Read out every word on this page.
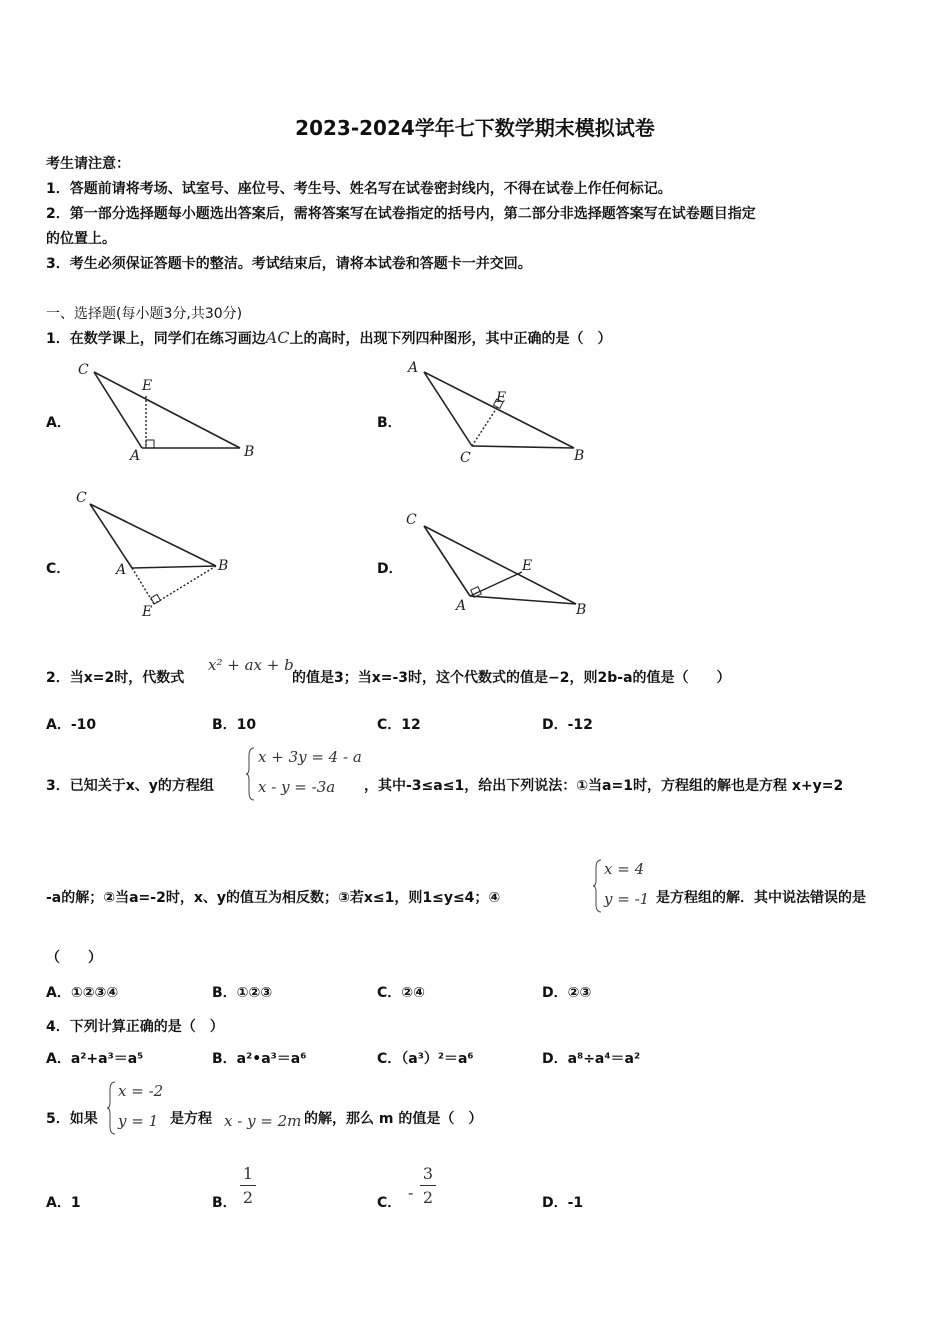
2023-2024学年七下数学期末模拟试卷
考生请注意：
1．答题前请将考场、试室号、座位号、考生号、姓名写在试卷密封线内，不得在试卷上作任何标记。
2．第一部分选择题每小题选出答案后，需将答案写在试卷指定的括号内，第二部分非选择题答案写在试卷题目指定
的位置上。
3．考生必须保证答题卡的整洁。考试结束后，请将本试卷和答题卡一并交回。
一、选择题(每小题3分,共30分)
1．在数学课上，同学们在练习画边AC上的高时，出现下列四种图形，其中正确的是（　）
A．
C
E
A	B
B．
A
E
C	B
C．
C
A	B
E
D．
C
E
A	B
2．当x=2时，代数式
x² + ax + b
的值是3；当x=-3时，这个代数式的值是−2，则2b-a的值是（　　）
A．-10	B．10	C．12	D．-12
3．已知关于x、y的方程组
x + 3y = 4 - a
x - y = -3a ，其中-3≤a≤1，给出下列说法：①当a=1时，方程组的解也是方程 x+y=2
-a的解；②当a=-2时，x、y的值互为相反数；③若x≤1，则1≤y≤4；④
x = 4
y = -1 是方程组的解．其中说法错误的是
（　　）
A．①②③④	B．①②③	C．②④	D．②③
4．下列计算正确的是（　）
A．a²+a³＝a⁵	B．a²•a³＝a⁶	C．（a³）²＝a⁶	D．a⁸÷a⁴＝a²
5．如果
x = -2
y = 1 是方程 x - y = 2m 的解，那么 m 的值是（　）
A．1	B．
1
2	C．
-
3
2	D．-1
